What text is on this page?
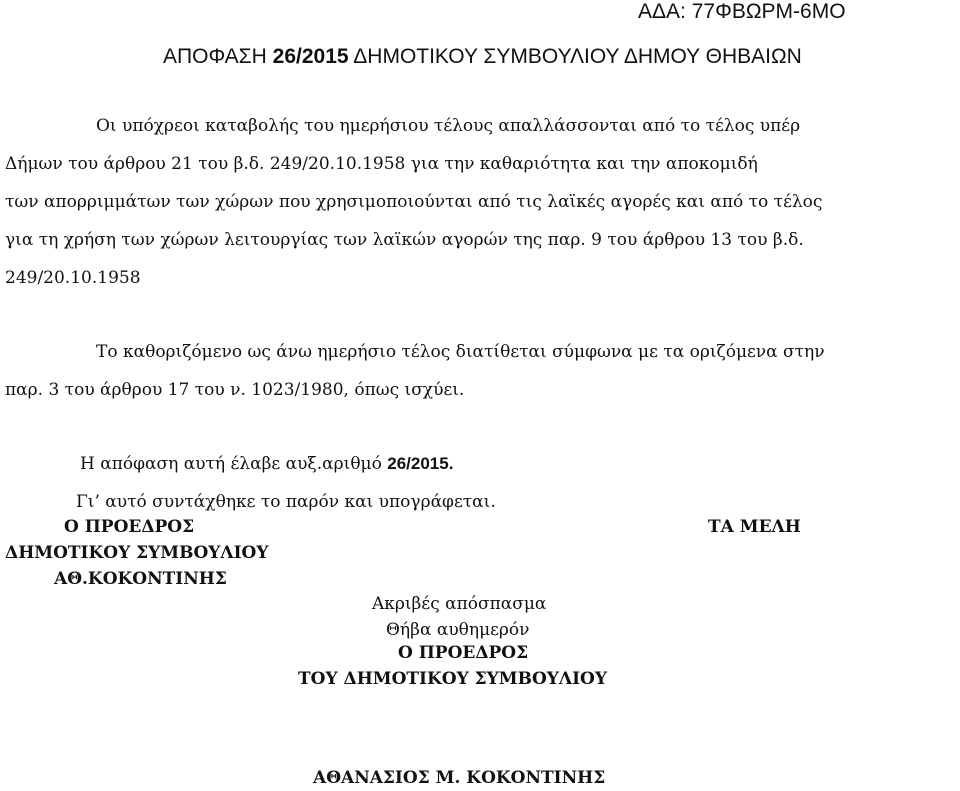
ΑΔΑ: 77ΦΒΩΡΜ-6ΜΟ
ΑΠΟΦΑΣΗ 26/2015 ΔΗΜΟΤΙΚΟΥ ΣΥΜΒΟΥΛΙΟΥ ΔΗΜΟΥ ΘΗΒΑΙΩΝ
Οι υπόχρεοι καταβολής του ημερήσιου τέλους απαλλάσσονται από το τέλος υπέρ
Δήμων του άρθρου 21 του β.δ. 249/20.10.1958 για την καθαριότητα και την αποκομιδή
των απορριμμάτων των χώρων που χρησιμοποιούνται από τις λαϊκές αγορές και από το τέλος
για τη χρήση των χώρων λειτουργίας των λαϊκών αγορών της παρ. 9 του άρθρου 13 του β.δ.
249/20.10.1958
Το καθοριζόμενο ως άνω ημερήσιο τέλος διατίθεται σύμφωνα με τα οριζόμενα στην
παρ. 3 του άρθρου 17 του ν. 1023/1980, όπως ισχύει.
Η απόφαση αυτή έλαβε αυξ.αριθμό 26/2015.
Γι’ αυτό συντάχθηκε το παρόν και υπογράφεται.
Ο ΠΡΟΕΔΡΟΣ
ΔΗΜΟΤΙΚΟΥ ΣΥΜΒΟΥΛΙΟΥ
ΑΘ.ΚΟΚΟΝΤΙΝΗΣ
ΤΑ ΜΕΛΗ
Ακριβές απόσπασμα
Θήβα αυθημερόν
Ο ΠΡΟΕΔΡΟΣ
ΤΟΥ ΔΗΜΟΤΙΚΟΥ ΣΥΜΒΟΥΛΙΟΥ
ΑΘΑΝΑΣΙΟΣ Μ. ΚΟΚΟΝΤΙΝΗΣ
